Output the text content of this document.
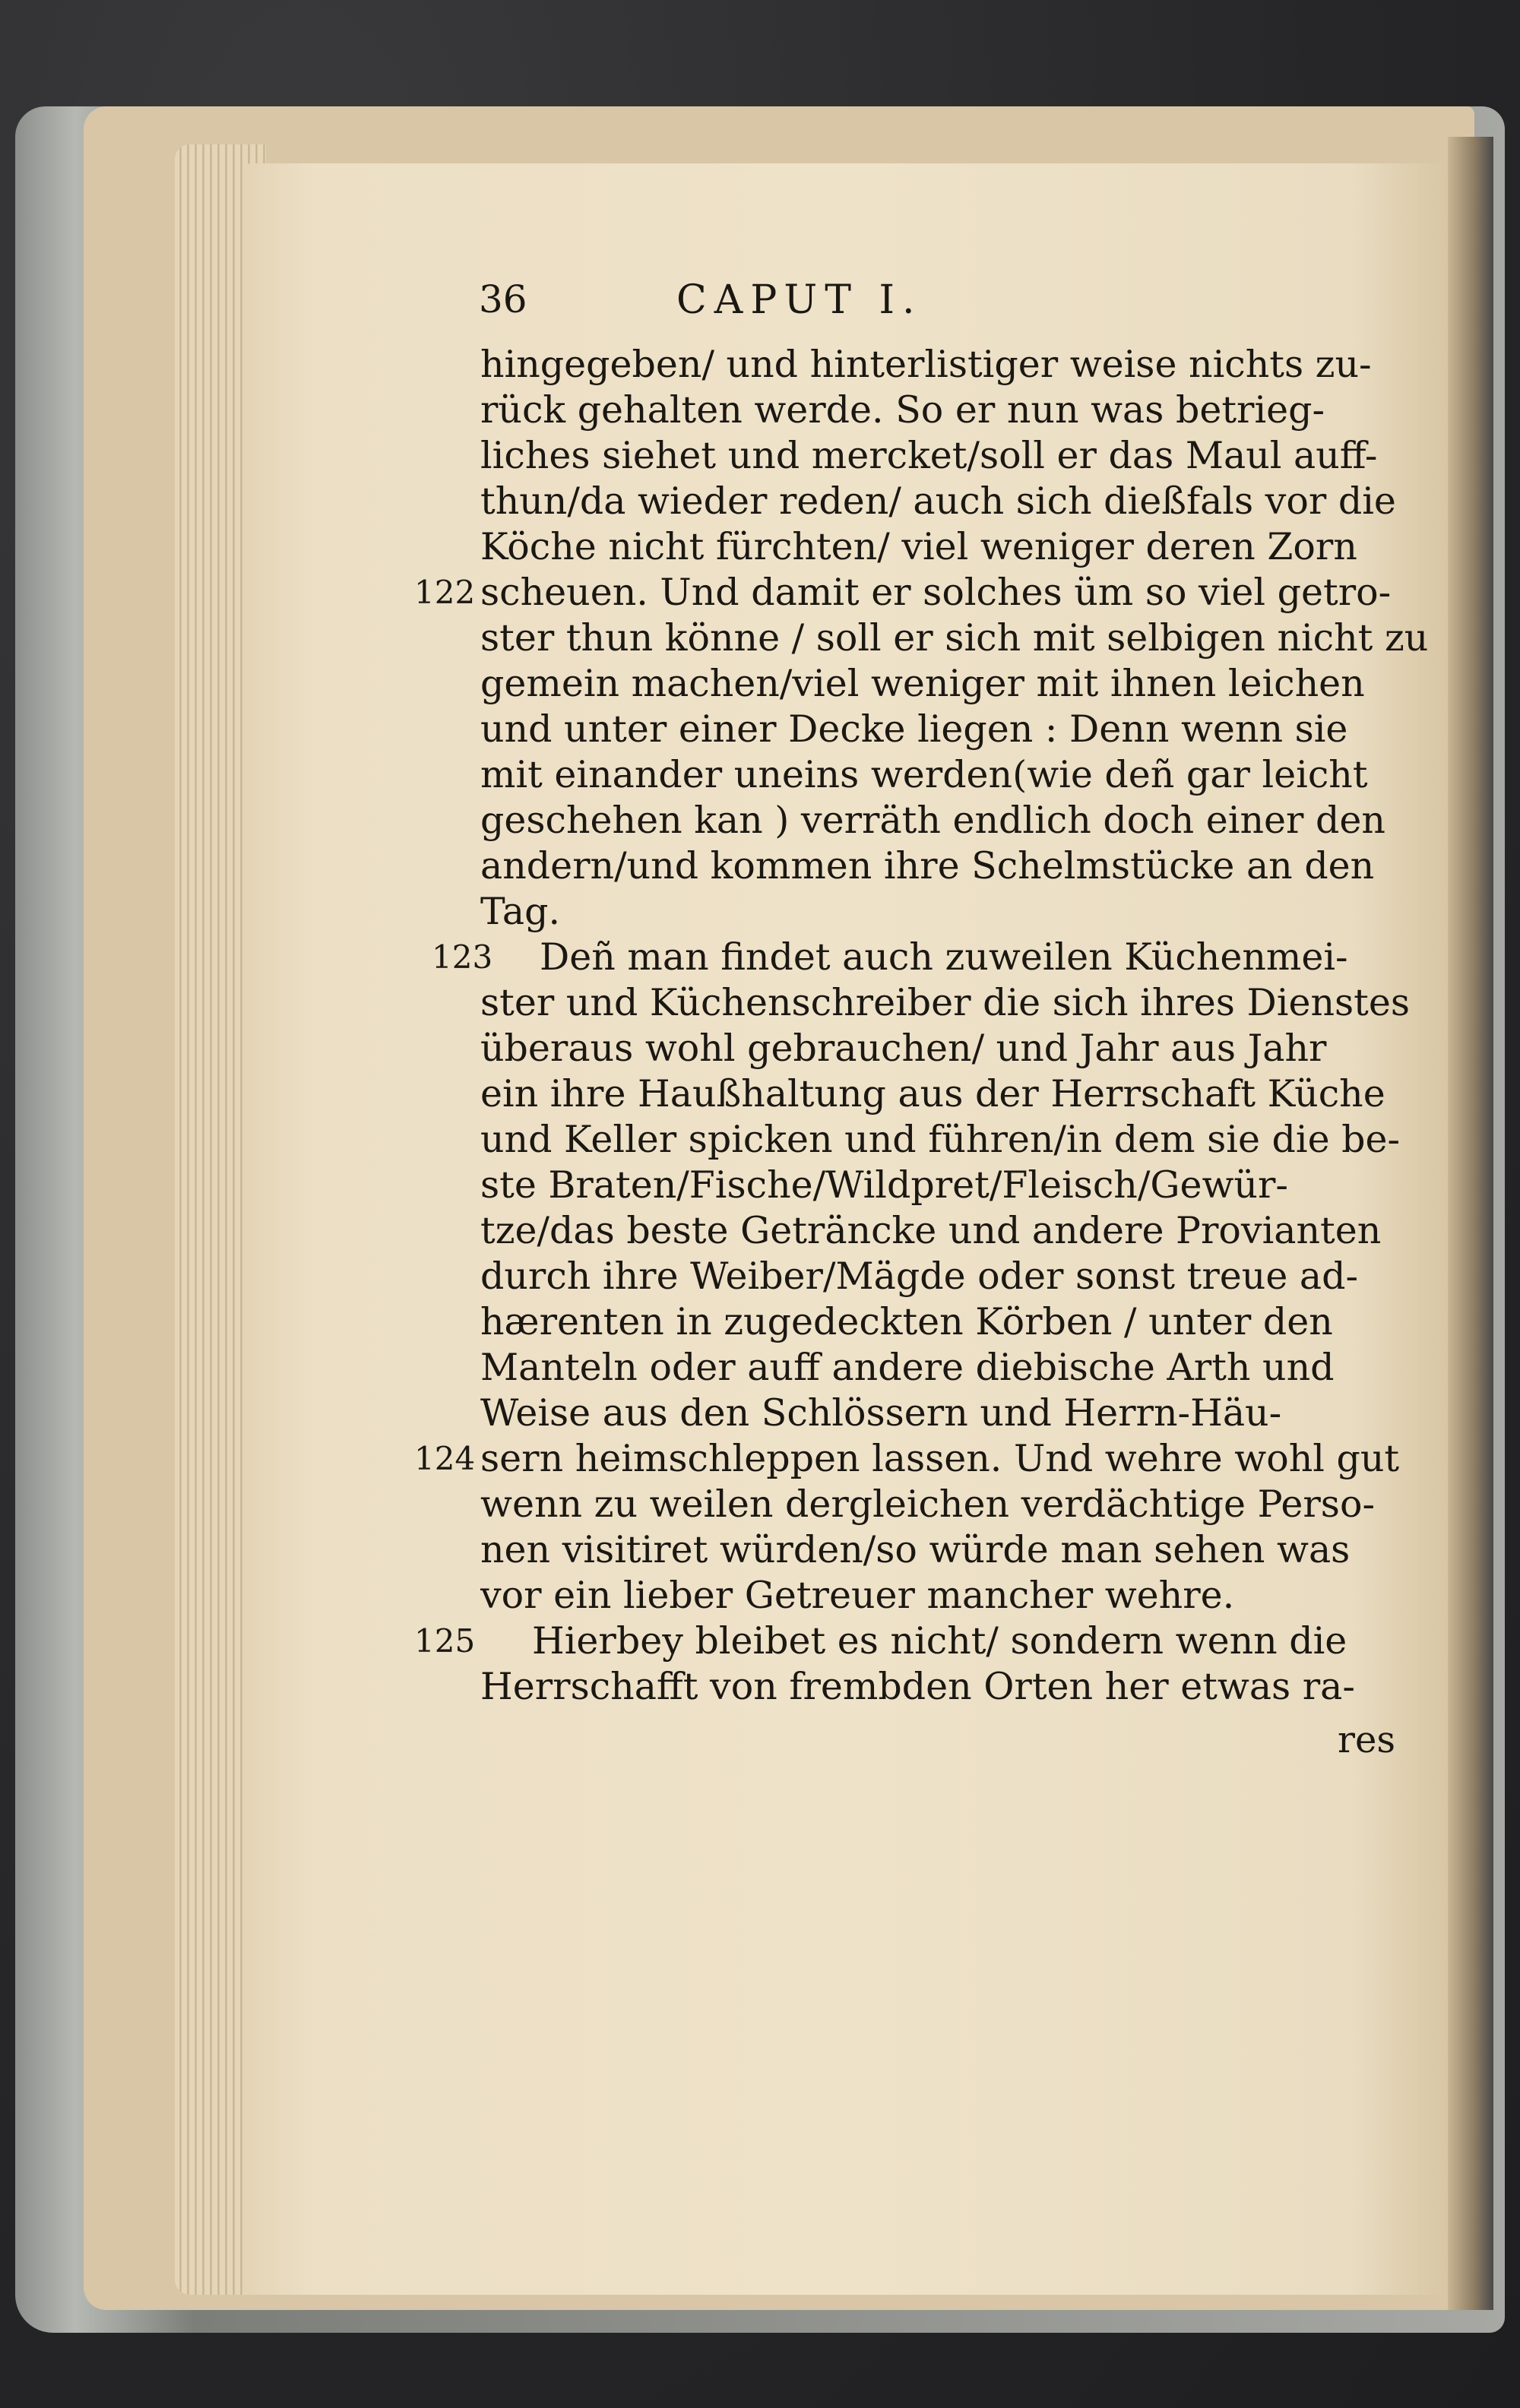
36	CAPUT I.
hingegeben/ und hinterlistiger weise nichts zu-
rück gehalten werde. So er nun was betrieg-
liches siehet und mercket/soll er das Maul auff-
thun/da wieder reden/ auch sich dießfals vor die
Köche nicht fürchten/ viel weniger deren Zorn
scheuen. Und damit er solches üm so viel getro-
ster thun könne / soll er sich mit selbigen nicht zu
gemein machen/viel weniger mit ihnen leichen
und unter einer Decke liegen : Denn wenn sie
mit einander uneins werden(wie deñ gar leicht
geschehen kan ) verräth endlich doch einer den
andern/und kommen ihre Schelmstücke an den
Tag.
Deñ man findet auch zuweilen Küchenmei-
ster und Küchenschreiber die sich ihres Dienstes
überaus wohl gebrauchen/ und Jahr aus Jahr
ein ihre Haußhaltung aus der Herrschaft Küche
und Keller spicken und führen/in dem sie die be-
ste Braten/Fische/Wildpret/Fleisch/Gewür-
tze/das beste Geträncke und andere Provianten
durch ihre Weiber/Mägde oder sonst treue ad-
hærenten in zugedeckten Körben / unter den
Manteln oder auff andere diebische Arth und
Weise aus den Schlössern und Herrn-Häu-
sern heimschleppen lassen. Und wehre wohl gut
wenn zu weilen dergleichen verdächtige Perso-
nen visitiret würden/so würde man sehen was
vor ein lieber Getreuer mancher wehre.
Hierbey bleibet es nicht/ sondern wenn die
Herrschafft von frembden Orten her etwas ra-
122
123
124
125
res
